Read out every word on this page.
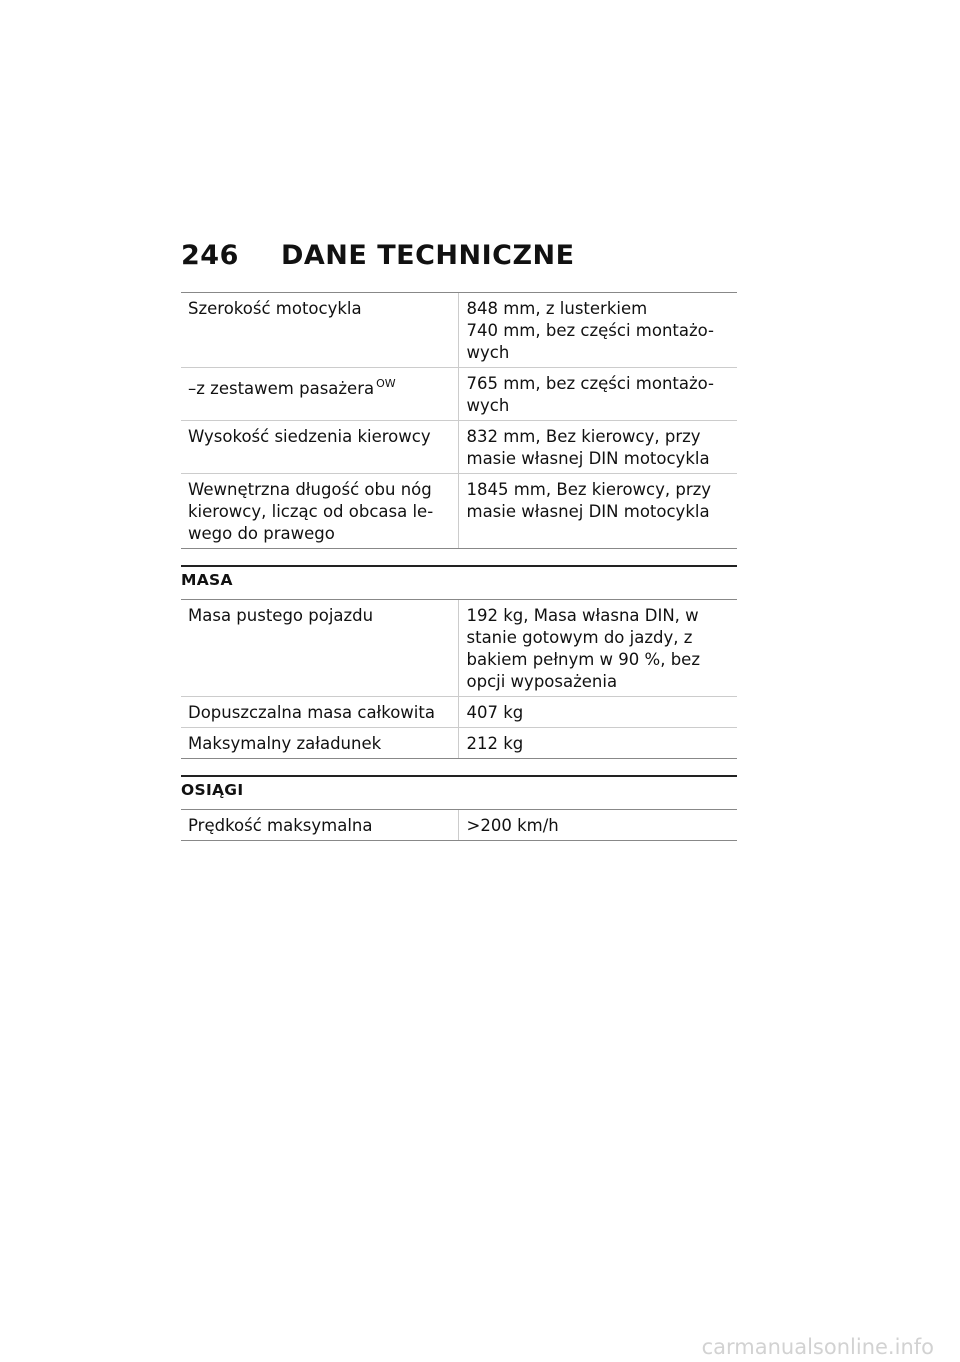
246 DANE TECHNICZNE
Szerokość motocykla	848 mm, z lusterkiem
740 mm, bez części montażo-
wych

–z zestawem pasażera $^{OW}$	765 mm, bez części montażo-
wych

Wysokość siedzenia kierowcy	832 mm, Bez kierowcy, przy
masie własnej DIN motocykla

Wewnętrzna długość obu nóg kierowcy, licząc od obcasa le-wego do prawego	1845 mm, Bez kierowcy, przy
masie własnej DIN motocykla
MASA
Masa pustego pojazdu	192 kg, Masa własna DIN, w
stanie gotowym do jazdy, z
bakiem pełnym w 90 %, bez
opcji wyposażenia

Dopuszczalna masa całkowita	407 kg

Maksymalny załadunek	212 kg
OSIĄGI
Prędkość maksymalna	>200 km/h
carmanualsonline.info
